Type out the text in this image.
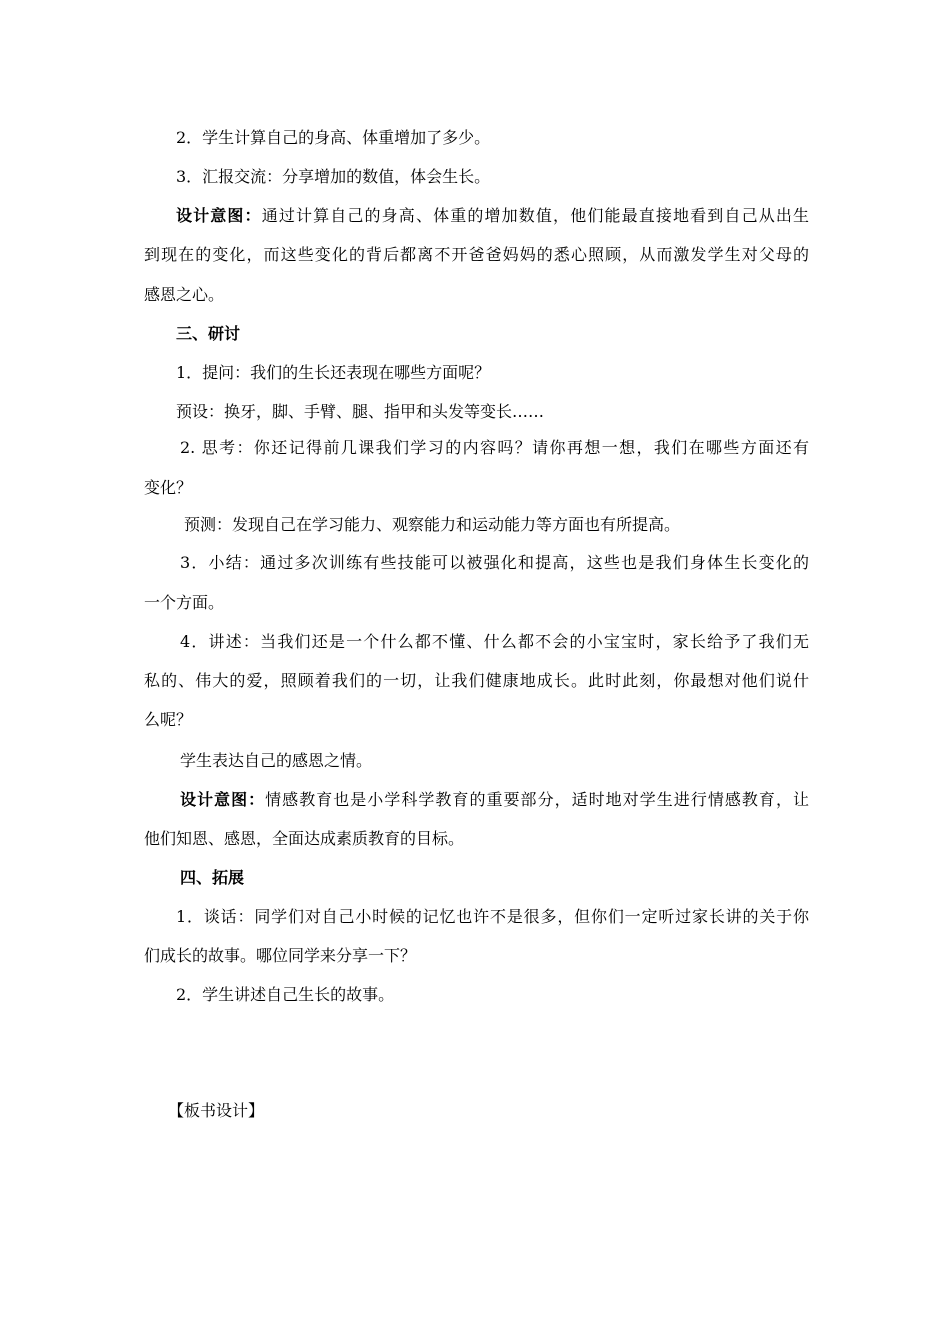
2．学生计算自己的身高、体重增加了多少。
3．汇报交流：分享增加的数值，体会生长。
设计意图：通过计算自己的身高、体重的增加数值，他们能最直接地看到自己从出生
到现在的变化，而这些变化的背后都离不开爸爸妈妈的悉心照顾，从而激发学生对父母的
感恩之心。
三、研讨
1．提问：我们的生长还表现在哪些方面呢？
预设：换牙，脚、手臂、腿、指甲和头发等变长……
2. 思考：你还记得前几课我们学习的内容吗？请你再想一想，我们在哪些方面还有
变化？
预测：发现自己在学习能力、观察能力和运动能力等方面也有所提高。
3．小结：通过多次训练有些技能可以被强化和提高，这些也是我们身体生长变化的
一个方面。
4．讲述：当我们还是一个什么都不懂、什么都不会的小宝宝时，家长给予了我们无
私的、伟大的爱，照顾着我们的一切，让我们健康地成长。此时此刻，你最想对他们说什
么呢？
学生表达自己的感恩之情。
设计意图：情感教育也是小学科学教育的重要部分，适时地对学生进行情感教育，让
他们知恩、感恩，全面达成素质教育的目标。
四、拓展
1．谈话：同学们对自己小时候的记忆也许不是很多，但你们一定听过家长讲的关于你
们成长的故事。哪位同学来分享一下？
2．学生讲述自己生长的故事。
【板书设计】
